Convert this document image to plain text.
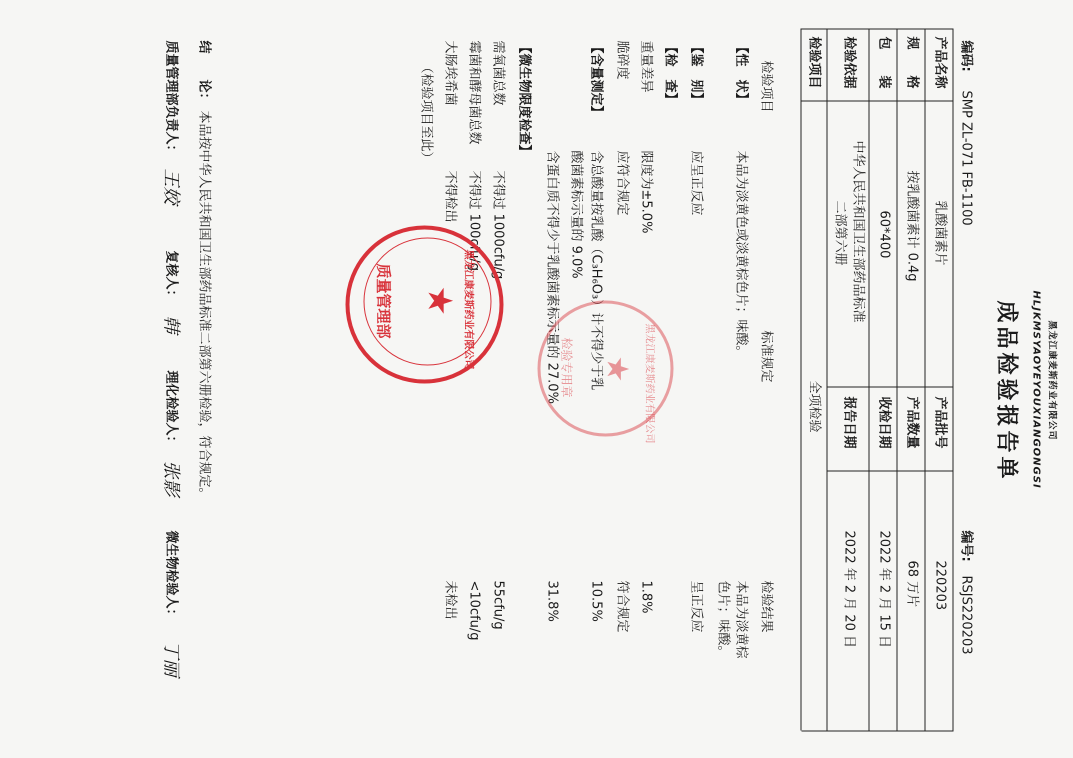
黑龙江康麦斯药业有限公司
HLJKMSYAOYEYOUXIANGONGSI
成品检验报告单
编码:
SMP ZL-071 FB-1100
编号:
RSJS220203
产品名称
乳酸菌素片
产品批号
220203
规　　格
按乳酸菌素计 0.4g
产品数量
68 万片
包　　装
60*400
收检日期
2022 年 2 月 15 日
检验依据
中华人民共和国卫生部药品标准
二部第六册
报告日期
2022 年 2 月 20 日
检验项目
全项检验
检验项目
标准规定
检验结果
【性　状】
本品为淡黄色或淡黄棕色片；味酸。
本品为淡黄棕
色片；味酸。
【鉴　别】
应呈正反应
呈正反应
【检　查】
重量差异
限度为±5.0%
1.8%
脆碎度
应符合规定
符合规定
【含量测定】
含总酸量按乳酸（C₃H₆O₃）计不得少于乳
酸菌素标示量的 9.0%
10.5%
含蛋白质不得少于乳酸菌素标示量的 27.0%
31.8%
【微生物限度检查】
需氧菌总数
不得过 1000cfu/g
55cfu/g
霉菌和酵母菌总数
不得过 100cfu/g
<10cfu/g
大肠埃希菌
不得检出
未检出
（检验项目至此）
黑龙江康麦斯药业有限公司
★
检验专用章
黑龙江康麦斯药业有限公司
★
质量管理部
结　　论：
本品按中华人民共和国卫生部药品标准二部第六册检验，符合规定。
质量管理部负责人：
王姣
复核人：
韩
理化检验人：
张影
微生物检验人：
丁丽
